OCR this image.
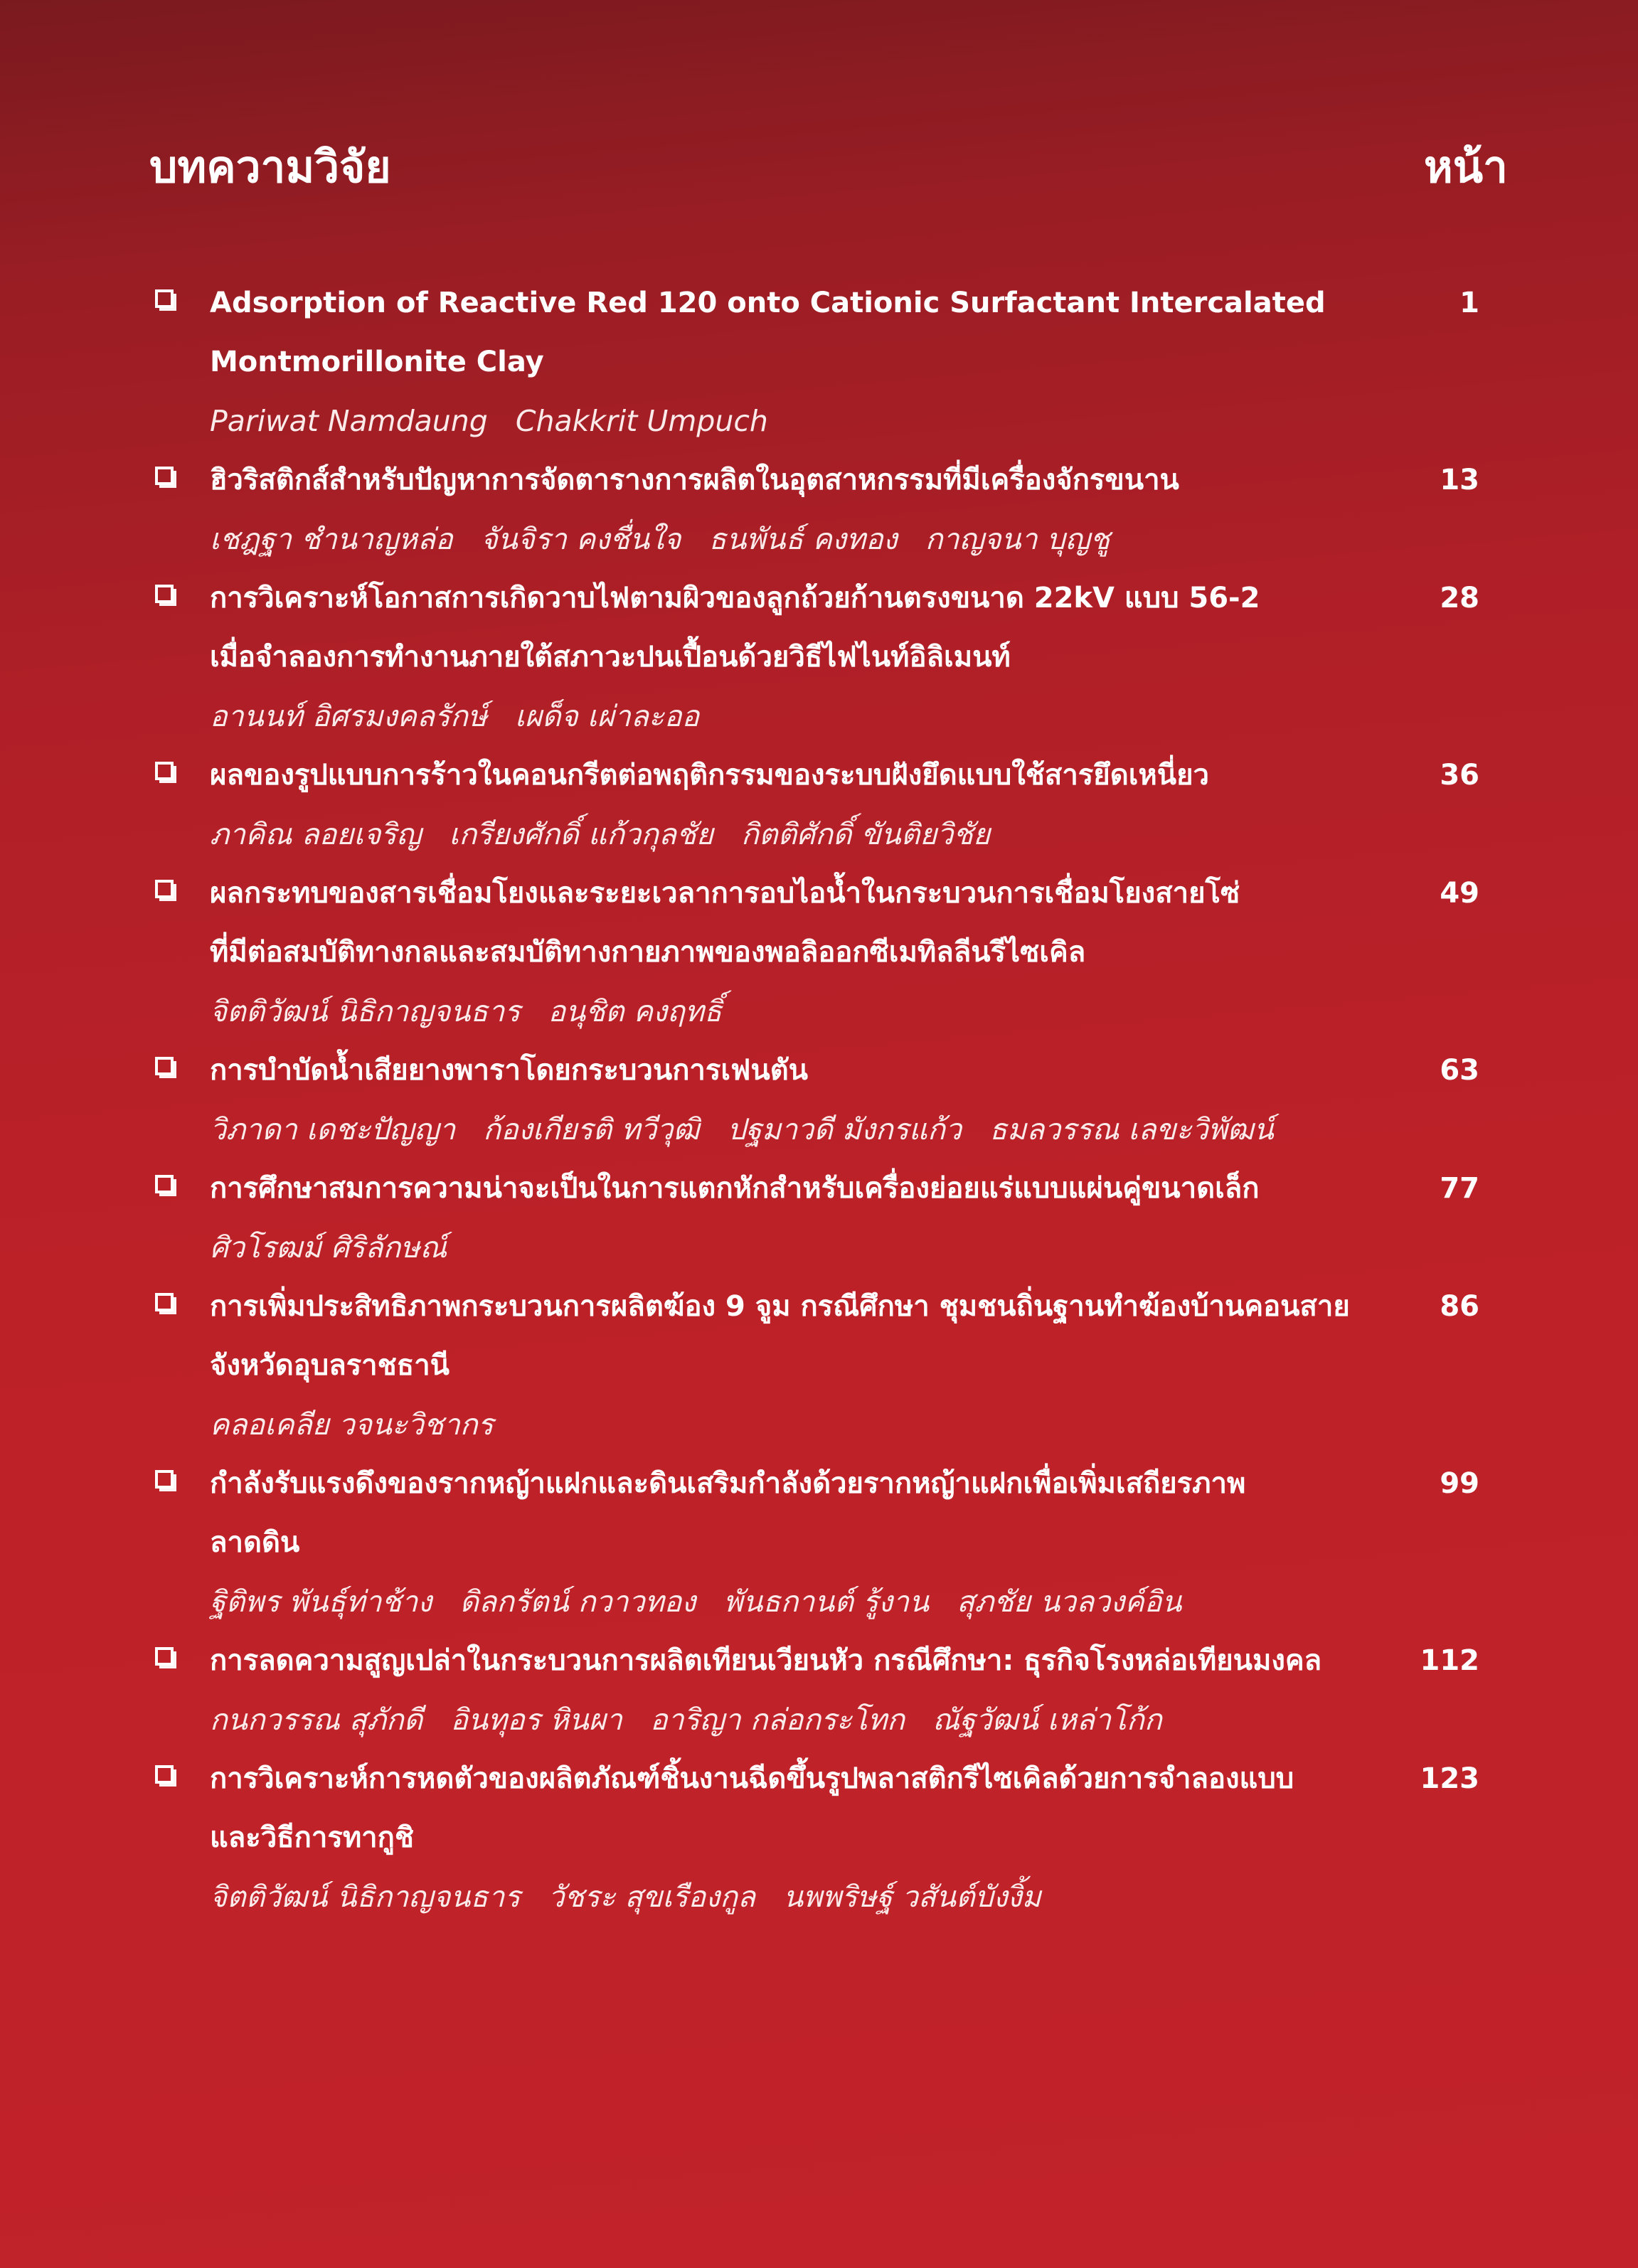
บทความวิจัย	หน้า
Adsorption of Reactive Red 120 onto Cationic Surfactant Intercalated
Montmorillonite Clay
Pariwat Namdaung   Chakkrit Umpuch
1
ฮิวริสติกส์สำหรับปัญหาการจัดตารางการผลิตในอุตสาหกรรมที่มีเครื่องจักรขนาน
เชฎฐา ชำนาญหล่อ   จันจิรา คงชื่นใจ   ธนพันธ์ คงทอง   กาญจนา บุญชู
13
การวิเคราะห์โอกาสการเกิดวาบไฟตามผิวของลูกถ้วยก้านตรงขนาด 22kV แบบ 56-2
เมื่อจำลองการทำงานภายใต้สภาวะปนเปื้อนด้วยวิธีไฟไนท์อิลิเมนท์
อานนท์ อิศรมงคลรักษ์   เผด็จ เผ่าละออ
28
ผลของรูปแบบการร้าวในคอนกรีตต่อพฤติกรรมของระบบฝังยึดแบบใช้สารยึดเหนี่ยว
ภาคิณ ลอยเจริญ   เกรียงศักดิ์ แก้วกุลชัย   กิตติศักดิ์ ขันติยวิชัย
36
ผลกระทบของสารเชื่อมโยงและระยะเวลาการอบไอน้ำในกระบวนการเชื่อมโยงสายโซ่
ที่มีต่อสมบัติทางกลและสมบัติทางกายภาพของพอลิออกซีเมทิลลีนรีไซเคิล
จิตติวัฒน์ นิธิกาญจนธาร   อนุชิต คงฤทธิ์
49
การบำบัดน้ำเสียยางพาราโดยกระบวนการเฟนตัน
วิภาดา เดชะปัญญา   ก้องเกียรติ ทวีวุฒิ   ปฐมาวดี มังกรแก้ว   ธมลวรรณ เลขะวิพัฒน์
63
การศึกษาสมการความน่าจะเป็นในการแตกหักสำหรับเครื่องย่อยแร่แบบแผ่นคู่ขนาดเล็ก
ศิวโรฒม์ ศิริลักษณ์
77
การเพิ่มประสิทธิภาพกระบวนการผลิตฆ้อง 9 จูม กรณีศึกษา ชุมชนถิ่นฐานทำฆ้องบ้านคอนสาย
จังหวัดอุบลราชธานี
คลอเคลีย วจนะวิชากร
86
กำลังรับแรงดึงของรากหญ้าแฝกและดินเสริมกำลังด้วยรากหญ้าแฝกเพื่อเพิ่มเสถียรภาพ
ลาดดิน
ฐิติพร พันธุ์ท่าช้าง   ดิลกรัตน์ กวาวทอง   พันธกานต์ รู้งาน   สุภชัย นวลวงค์อิน
99
การลดความสูญเปล่าในกระบวนการผลิตเทียนเวียนหัว กรณีศึกษา: ธุรกิจโรงหล่อเทียนมงคล
กนกวรรณ สุภักดี   อินทุอร หินผา   อาริญา กล่อกระโทก   ณัฐวัฒน์ เหล่าโก้ก
112
การวิเคราะห์การหดตัวของผลิตภัณฑ์ชิ้นงานฉีดขึ้นรูปพลาสติกรีไซเคิลด้วยการจำลองแบบ
และวิธีการทากูชิ
จิตติวัฒน์ นิธิกาญจนธาร   วัชระ สุขเรืองกูล   นพพริษฐ์ วสันต์บังงิ้ม
123
